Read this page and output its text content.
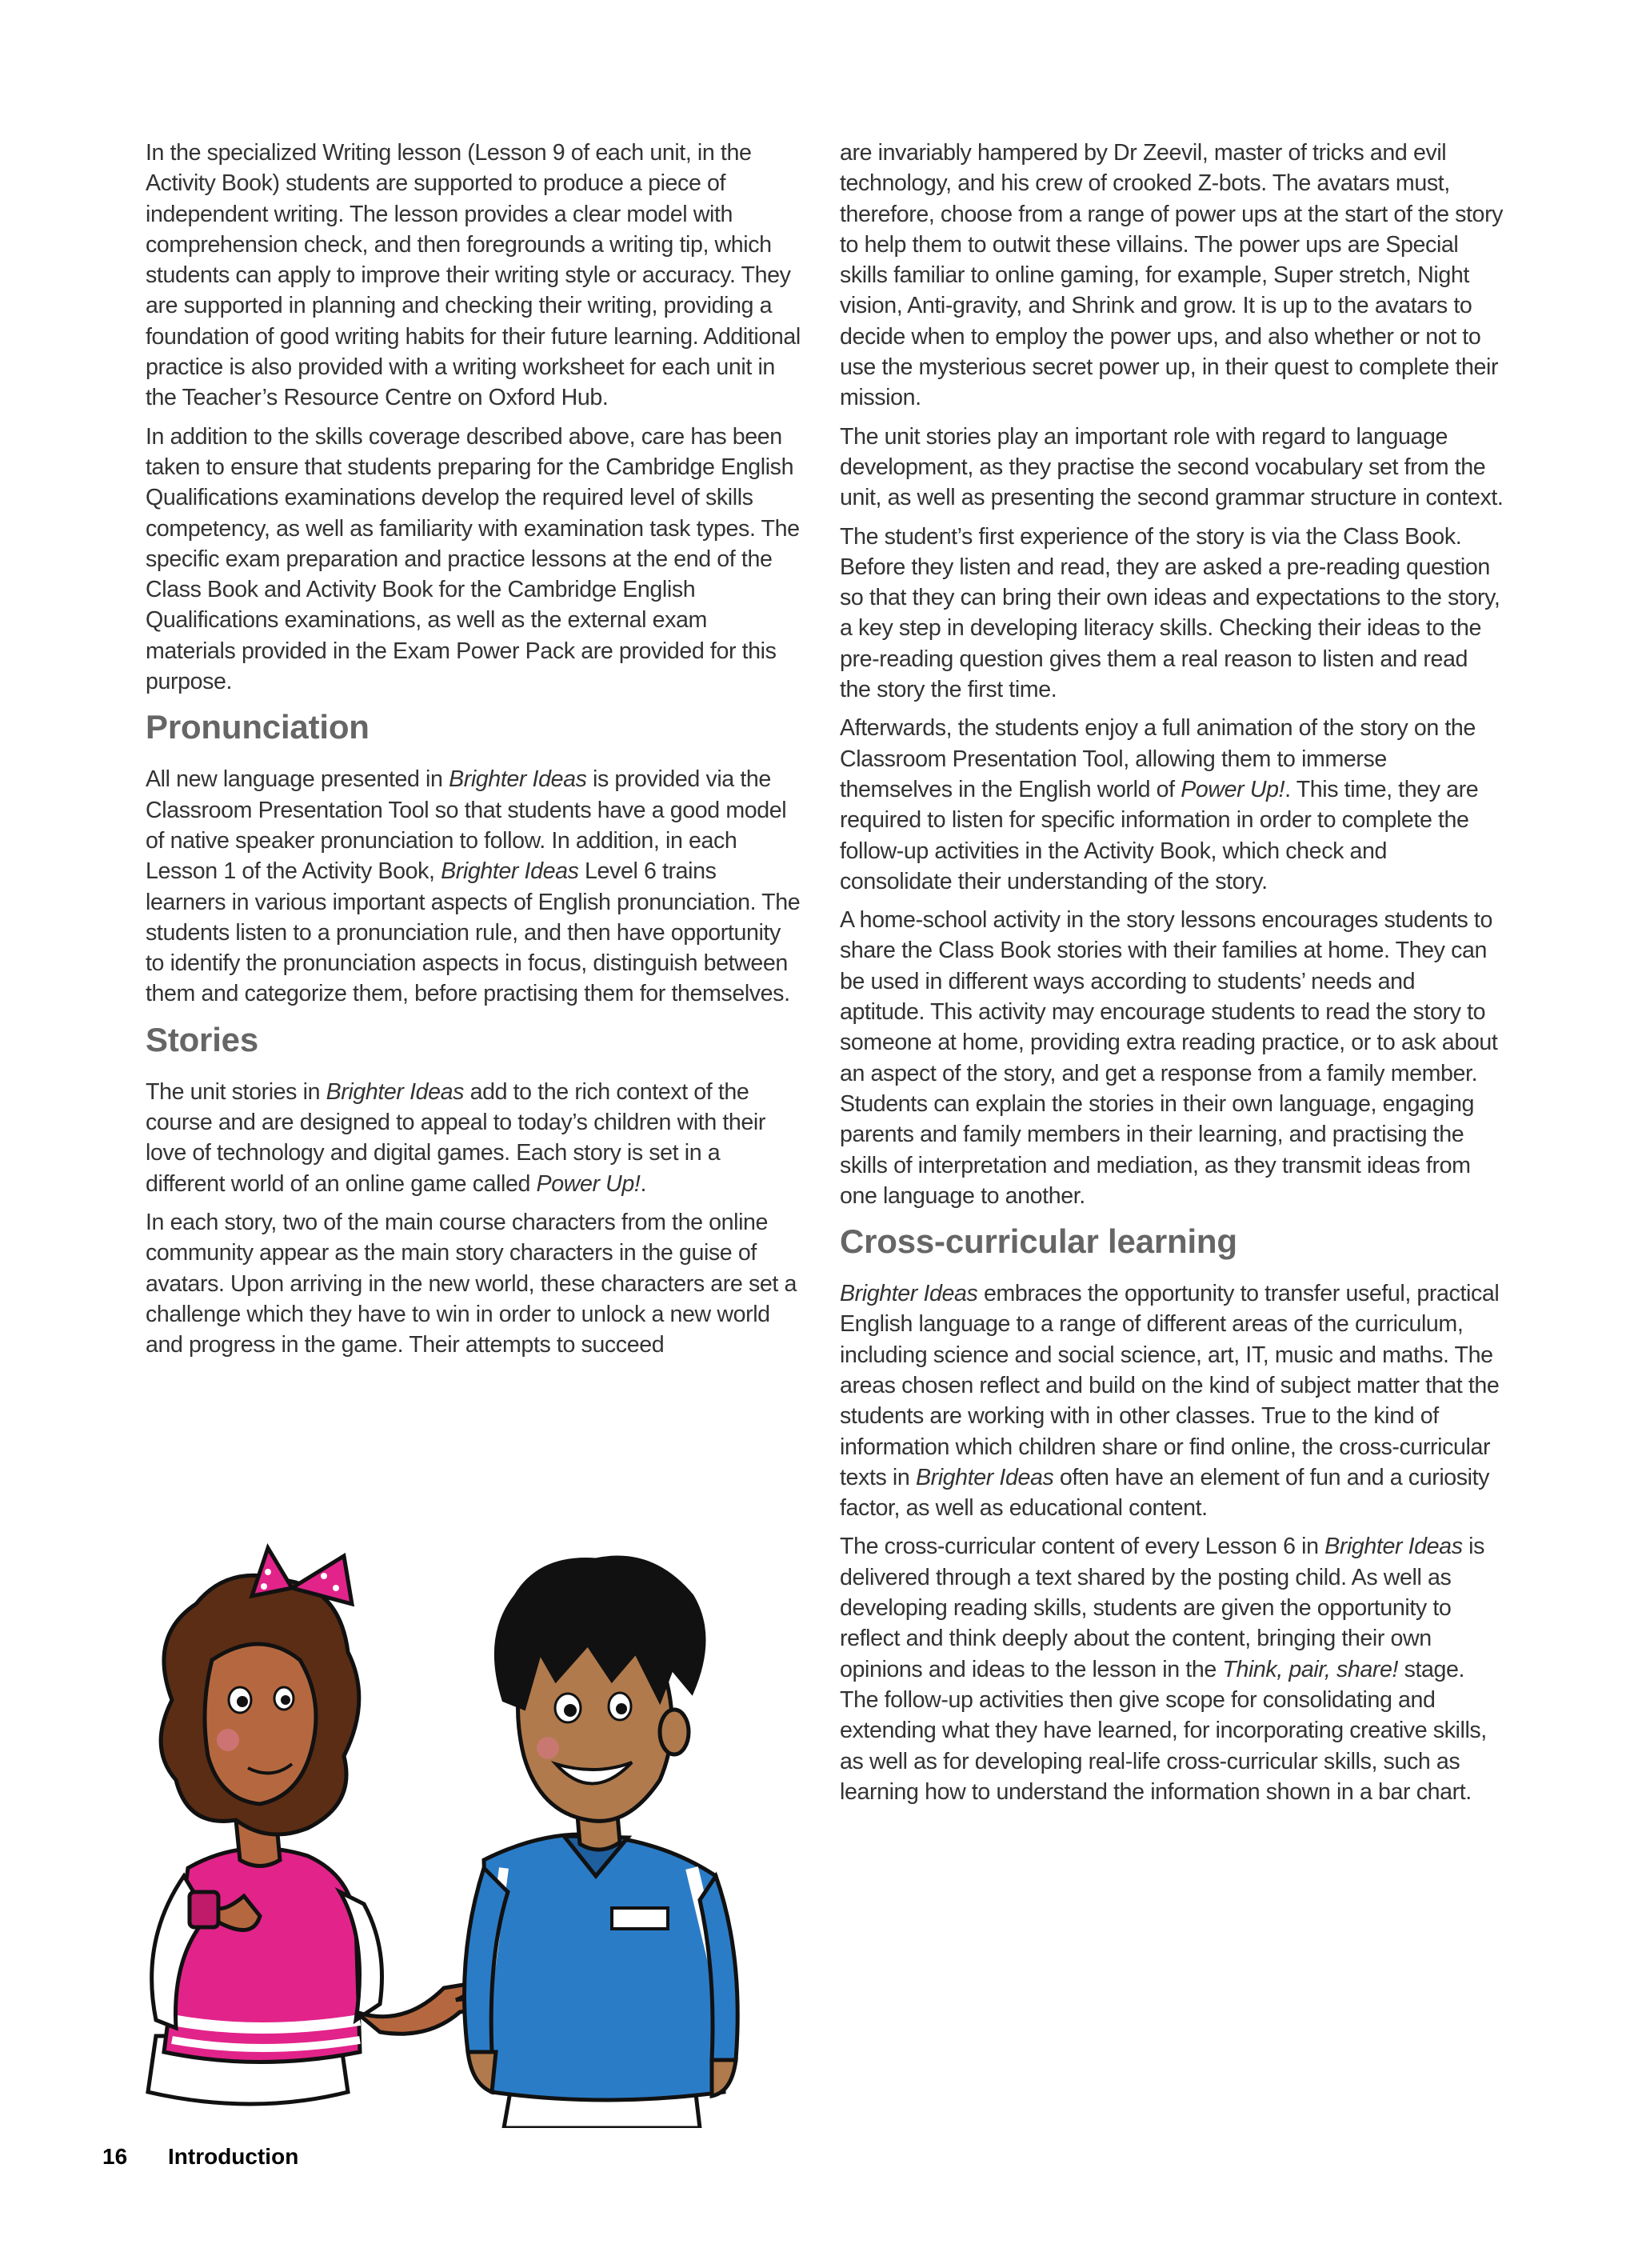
In the specialized Writing lesson (Lesson 9 of each unit, in the Activity Book) students are supported to produce a piece of independent writing. The lesson provides a clear model with comprehension check, and then foregrounds a writing tip, which students can apply to improve their writing style or accuracy. They are supported in planning and checking their writing, providing a foundation of good writing habits for their future learning. Additional practice is also provided with a writing worksheet for each unit in the Teacher’s Resource Centre on Oxford Hub.

In addition to the skills coverage described above, care has been taken to ensure that students preparing for the Cambridge English Qualifications examinations develop the required level of skills competency, as well as familiarity with examination task types. The specific exam preparation and practice lessons at the end of the Class Book and Activity Book for the Cambridge English Qualifications examinations, as well as the external exam materials provided in the Exam Power Pack are provided for this purpose.

Pronunciation

All new language presented in Brighter Ideas is provided via the Classroom Presentation Tool so that students have a good model of native speaker pronunciation to follow. In addition, in each Lesson 1 of the Activity Book, Brighter Ideas Level 6 trains learners in various important aspects of English pronunciation. The students listen to a pronunciation rule, and then have opportunity to identify the pronunciation aspects in focus, distinguish between them and categorize them, before practising them for themselves.

Stories

The unit stories in Brighter Ideas add to the rich context of the course and are designed to appeal to today’s children with their love of technology and digital games. Each story is set in a different world of an online game called Power Up!.

In each story, two of the main course characters from the online community appear as the main story characters in the guise of avatars. Upon arriving in the new world, these characters are set a challenge which they have to win in order to unlock a new world and progress in the game. Their attempts to succeed

are invariably hampered by Dr Zeevil, master of tricks and evil technology, and his crew of crooked Z-bots. The avatars must, therefore, choose from a range of power ups at the start of the story to help them to outwit these villains. The power ups are Special skills familiar to online gaming, for example, Super stretch, Night vision, Anti-gravity, and Shrink and grow. It is up to the avatars to decide when to employ the power ups, and also whether or not to use the mysterious secret power up, in their quest to complete their mission.

The unit stories play an important role with regard to language development, as they practise the second vocabulary set from the unit, as well as presenting the second grammar structure in context.

The student’s first experience of the story is via the Class Book. Before they listen and read, they are asked a pre-reading question so that they can bring their own ideas and expectations to the story, a key step in developing literacy skills. Checking their ideas to the pre-reading question gives them a real reason to listen and read the story the first time.

Afterwards, the students enjoy a full animation of the story on the Classroom Presentation Tool, allowing them to immerse themselves in the English world of Power Up!. This time, they are required to listen for specific information in order to complete the follow-up activities in the Activity Book, which check and consolidate their understanding of the story.

A home-school activity in the story lessons encourages students to share the Class Book stories with their families at home. They can be used in different ways according to students’ needs and aptitude. This activity may encourage students to read the story to someone at home, providing extra reading practice, or to ask about an aspect of the story, and get a response from a family member. Students can explain the stories in their own language, engaging parents and family members in their learning, and practising the skills of interpretation and mediation, as they transmit ideas from one language to another.

Cross-curricular learning

Brighter Ideas embraces the opportunity to transfer useful, practical English language to a range of different areas of the curriculum, including science and social science, art, IT, music and maths. The areas chosen reflect and build on the kind of subject matter that the students are working with in other classes. True to the kind of information which children share or find online, the cross-curricular texts in Brighter Ideas often have an element of fun and a curiosity factor, as well as educational content.

The cross-curricular content of every Lesson 6 in Brighter Ideas is delivered through a text shared by the posting child. As well as developing reading skills, students are given the opportunity to reflect and think deeply about the content, bringing their own opinions and ideas to the lesson in the Think, pair, share! stage. The follow-up activities then give scope for consolidating and extending what they have learned, for incorporating creative skills, as well as for developing real-life cross-curricular skills, such as learning how to understand the information shown in a bar chart.

16 Introduction
